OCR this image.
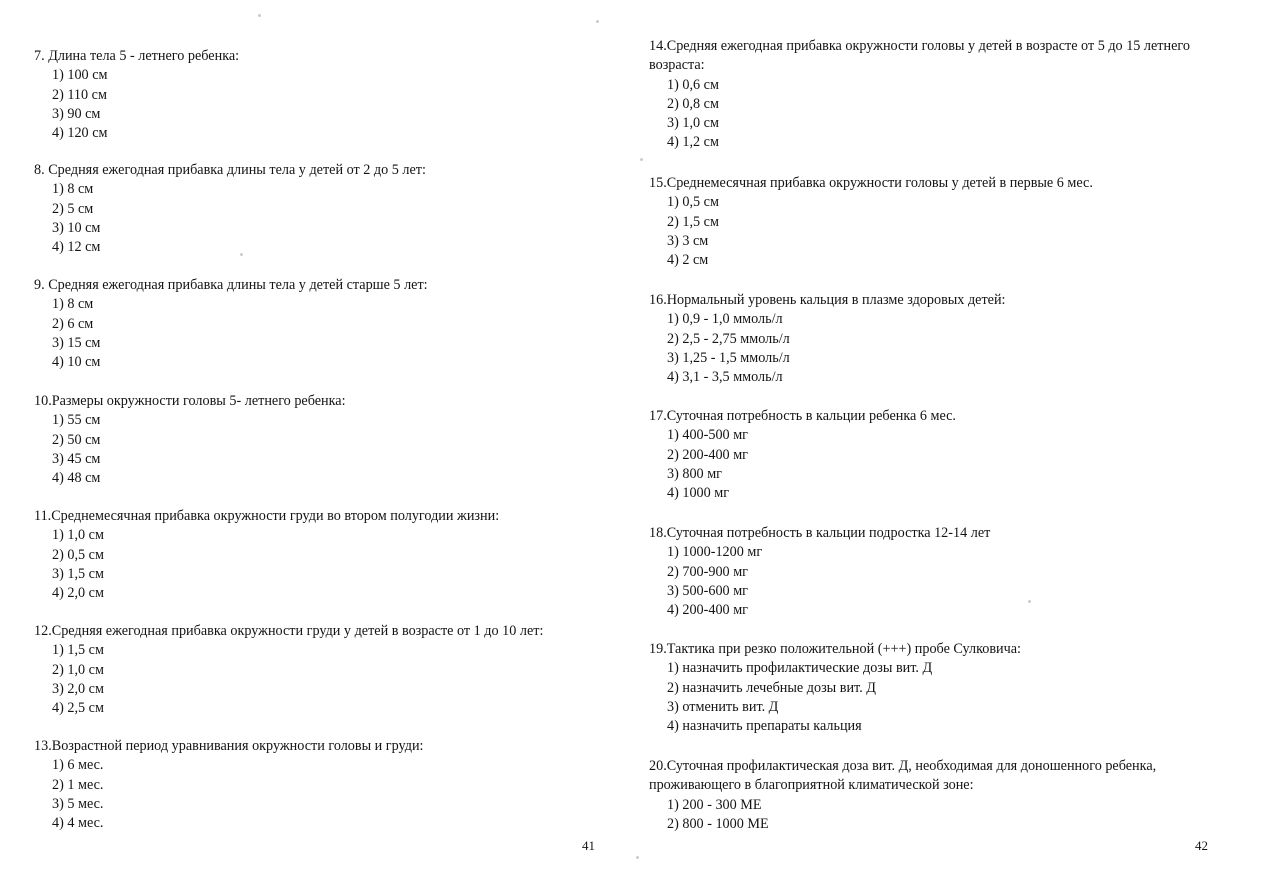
7. Длина тела 5 - летнего ребенка:
1) 100 см
2) 110 см
3) 90 см
4) 120 см
8. Средняя ежегодная прибавка длины тела у детей от 2 до 5 лет:
1) 8 см
2) 5 см
3) 10 см
4) 12 см
9. Средняя ежегодная прибавка длины тела у детей старше 5 лет:
1) 8 см
2) 6 см
3) 15 см
4) 10 см
10.Размеры окружности головы 5- летнего ребенка:
1) 55 см
2) 50 см
3) 45 см
4) 48 см
11.Среднемесячная прибавка окружности груди во втором полугодии жизни:
1) 1,0 см
2) 0,5 см
3) 1,5 см
4) 2,0 см
12.Средняя ежегодная прибавка окружности груди у детей в возрасте от 1 до 10 лет:
1) 1,5 см
2) 1,0 см
3) 2,0 см
4) 2,5 см
13.Возрастной период уравнивания окружности головы и груди:
1) 6 мес.
2) 1 мес.
3) 5 мес.
4) 4 мес.
41
14.Средняя ежегодная прибавка окружности головы у детей в возрасте от 5 до 15 летнего возраста:
1) 0,6 см
2) 0,8 см
3) 1,0 см
4) 1,2 см
15.Среднемесячная прибавка окружности головы у детей в первые 6 мес.
1) 0,5 см
2) 1,5 см
3) 3 см
4) 2 см
16.Нормальный уровень кальция в плазме здоровых детей:
1) 0,9 - 1,0 ммоль/л
2) 2,5 - 2,75 ммоль/л
3) 1,25 - 1,5 ммоль/л
4) 3,1 - 3,5 ммоль/л
17.Суточная потребность в кальции ребенка 6 мес.
1) 400-500 мг
2) 200-400 мг
3) 800 мг
4) 1000 мг
18.Суточная потребность в кальции подростка 12-14 лет
1) 1000-1200 мг
2) 700-900 мг
3) 500-600 мг
4) 200-400 мг
19.Тактика при резко положительной (+++) пробе Сулковича:
1) назначить профилактические дозы вит. Д
2) назначить лечебные дозы вит. Д
3) отменить вит. Д
4) назначить препараты кальция
20.Суточная профилактическая доза вит. Д, необходимая для доношенного ребенка, проживающего в благоприятной климатической зоне:
1) 200 - 300 МЕ
2) 800 - 1000 МЕ
42
